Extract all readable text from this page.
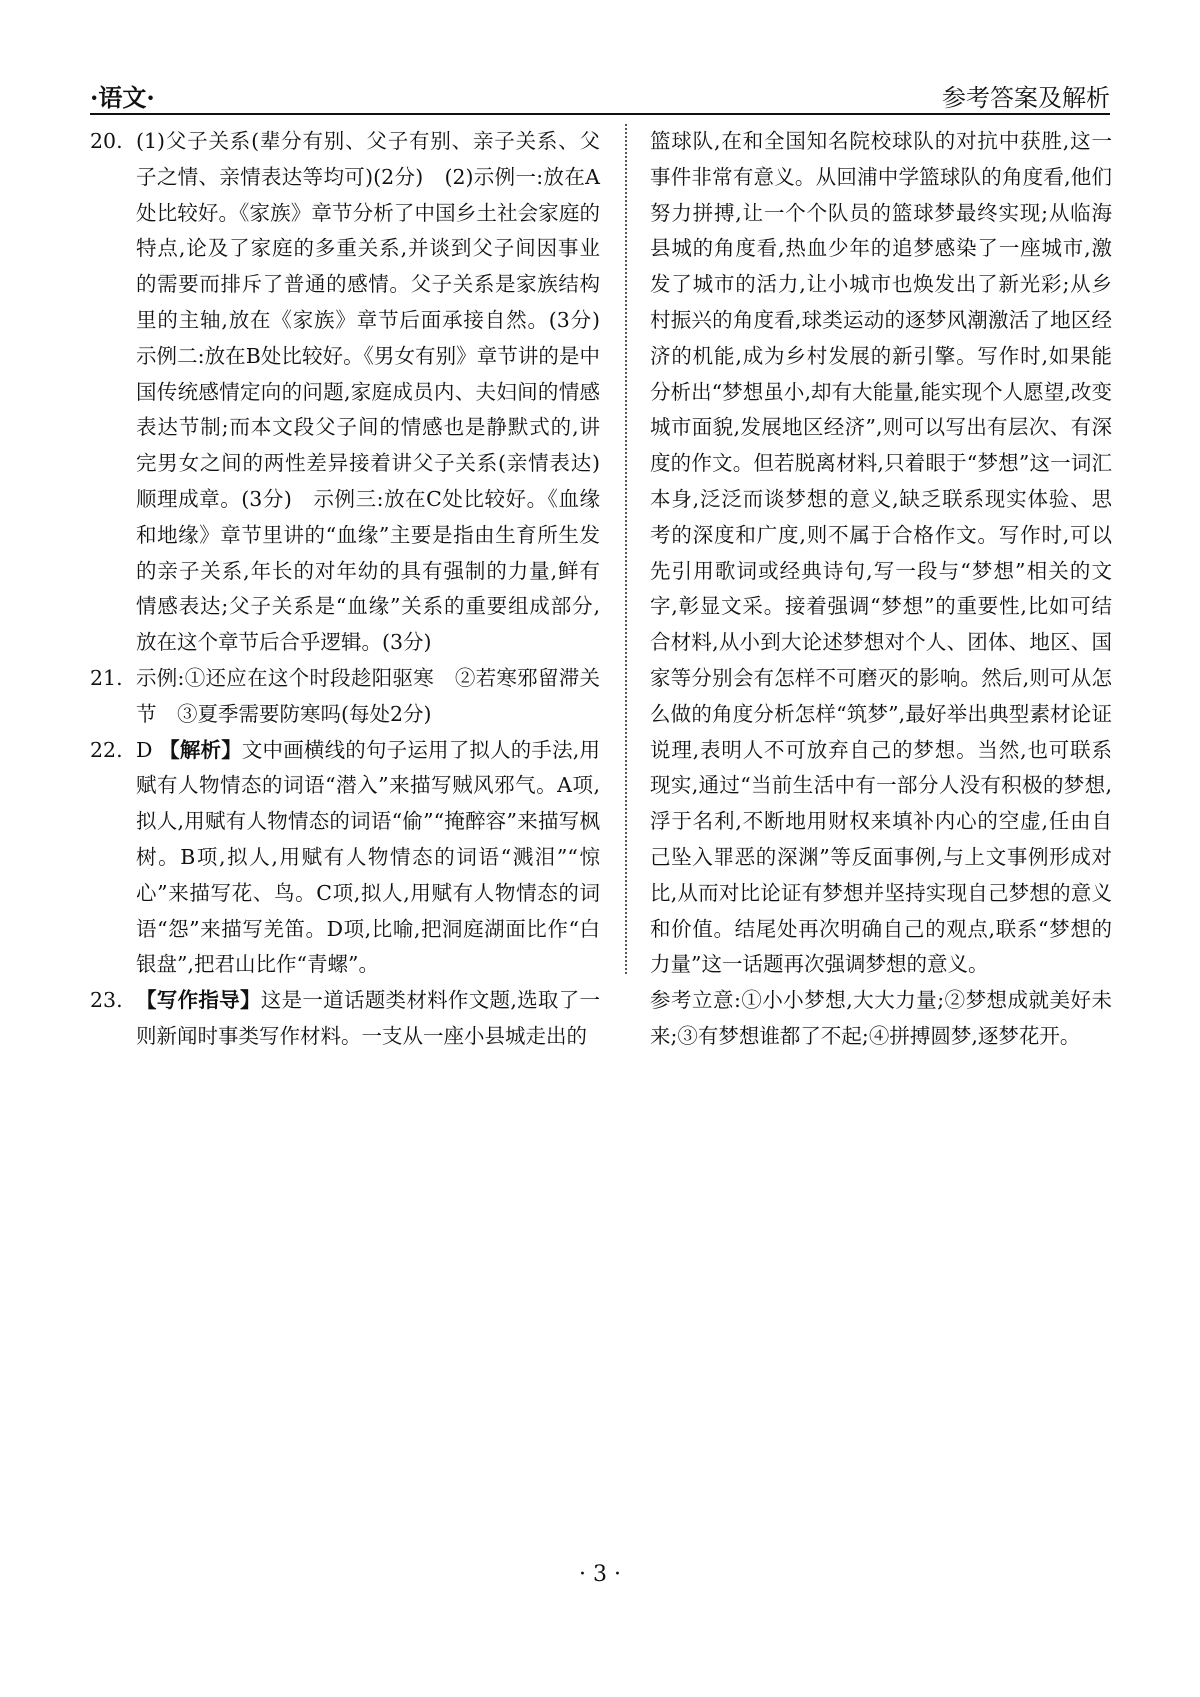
·语文·	参考答案及解析

20. (1)父子关系(辈分有别、父子有别、亲子关系、父子之情、亲情表达等均可)(2分)　(2)示例一:放在A处比较好。《家族》章节分析了中国乡土社会家庭的特点,论及了家庭的多重关系,并谈到父子间因事业的需要而排斥了普通的感情。父子关系是家族结构里的主轴,放在《家族》章节后面承接自然。(3分)　示例二:放在B处比较好。《男女有别》章节讲的是中国传统感情定向的问题,家庭成员内、夫妇间的情感表达节制;而本文段父子间的情感也是静默式的,讲完男女之间的两性差异接着讲父子关系(亲情表达)顺理成章。(3分)　示例三:放在C处比较好。《血缘和地缘》章节里讲的“血缘”主要是指由生育所生发的亲子关系,年长的对年幼的具有强制的力量,鲜有情感表达;父子关系是“血缘”关系的重要组成部分,放在这个章节后合乎逻辑。(3分)

21. 示例:①还应在这个时段趁阳驱寒　②若寒邪留滞关节　③夏季需要防寒吗(每处2分)

22. D 【解析】文中画横线的句子运用了拟人的手法,用赋有人物情态的词语“潜入”来描写贼风邪气。A项,拟人,用赋有人物情态的词语“偷”“掩醉容”来描写枫树。B项,拟人,用赋有人物情态的词语“溅泪”“惊心”来描写花、鸟。C项,拟人,用赋有人物情态的词语“怨”来描写羌笛。D项,比喻,把洞庭湖面比作“白银盘”,把君山比作“青螺”。

23. 【写作指导】这是一道话题类材料作文题,选取了一则新闻时事类写作材料。一支从一座小县城走出的

篮球队,在和全国知名院校球队的对抗中获胜,这一事件非常有意义。从回浦中学篮球队的角度看,他们努力拼搏,让一个个队员的篮球梦最终实现;从临海县城的角度看,热血少年的追梦感染了一座城市,激发了城市的活力,让小城市也焕发出了新光彩;从乡村振兴的角度看,球类运动的逐梦风潮激活了地区经济的机能,成为乡村发展的新引擎。写作时,如果能分析出“梦想虽小,却有大能量,能实现个人愿望,改变城市面貌,发展地区经济”,则可以写出有层次、有深度的作文。但若脱离材料,只着眼于“梦想”这一词汇本身,泛泛而谈梦想的意义,缺乏联系现实体验、思考的深度和广度,则不属于合格作文。写作时,可以先引用歌词或经典诗句,写一段与“梦想”相关的文字,彰显文采。接着强调“梦想”的重要性,比如可结合材料,从小到大论述梦想对个人、团体、地区、国家等分别会有怎样不可磨灭的影响。然后,则可从怎么做的角度分析怎样“筑梦”,最好举出典型素材论证说理,表明人不可放弃自己的梦想。当然,也可联系现实,通过“当前生活中有一部分人没有积极的梦想,浮于名利,不断地用财权来填补内心的空虚,任由自己坠入罪恶的深渊”等反面事例,与上文事例形成对比,从而对比论证有梦想并坚持实现自己梦想的意义和价值。结尾处再次明确自己的观点,联系“梦想的力量”这一话题再次强调梦想的意义。

参考立意:①小小梦想,大大力量;②梦想成就美好未来;③有梦想谁都了不起;④拼搏圆梦,逐梦花开。

· 3 ·
